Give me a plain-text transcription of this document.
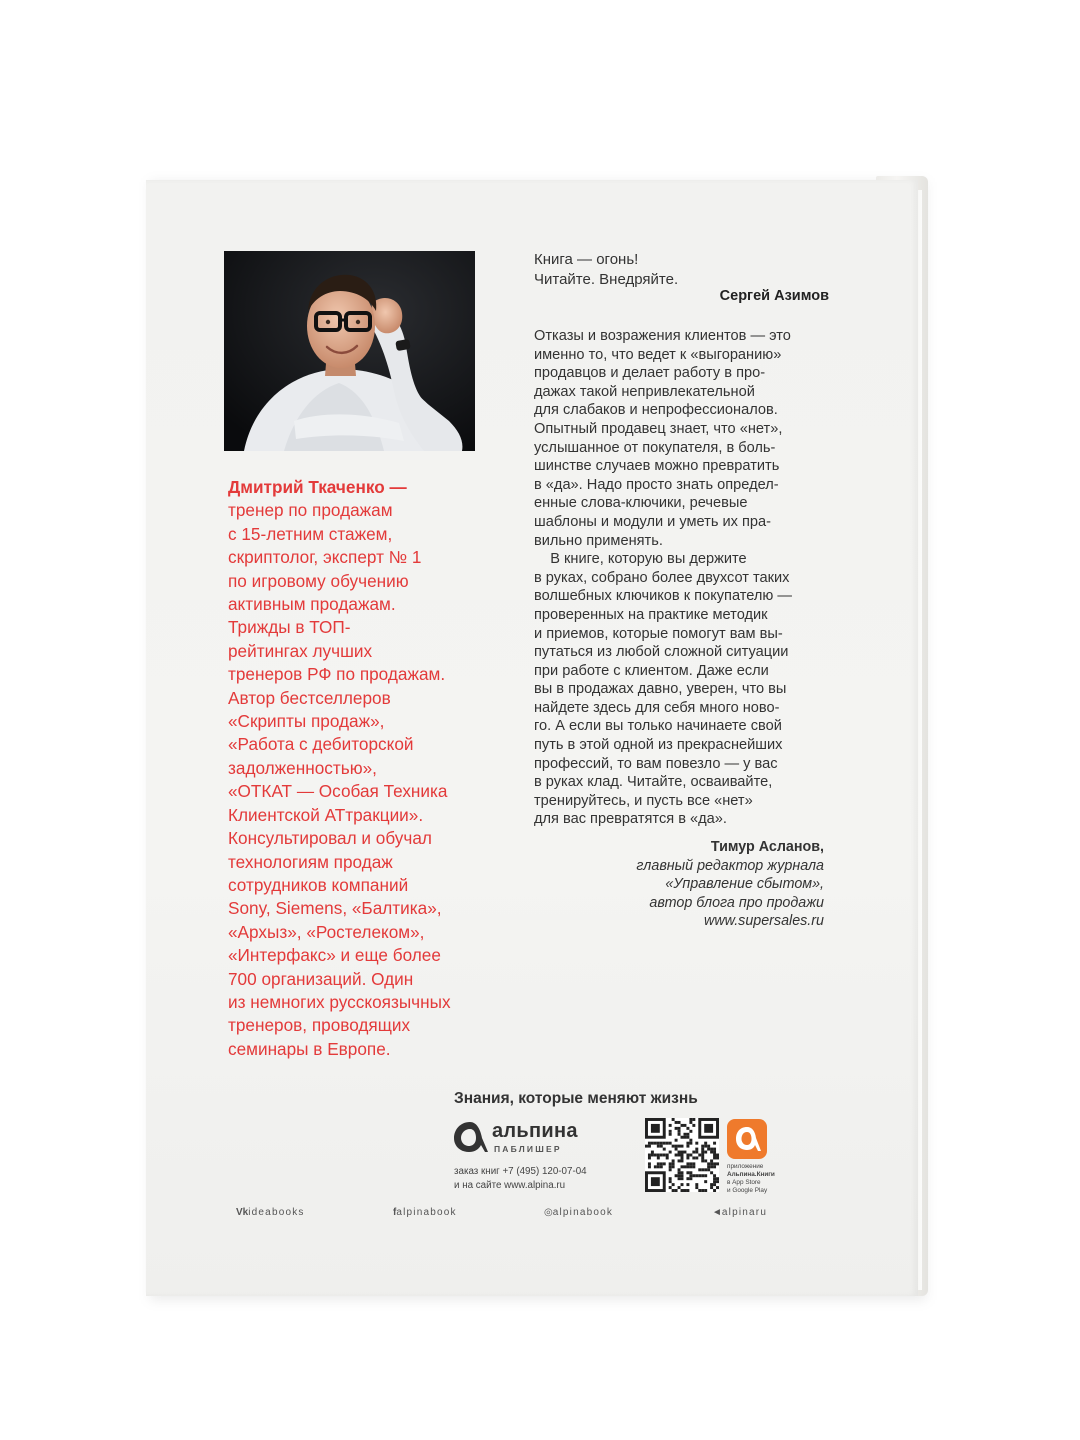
Дмитрий Ткаченко —
тренер по продажам
с 15-летним стажем,
скриптолог, эксперт № 1
по игровому обучению
активным продажам.
Трижды в ТОП-
рейтингах лучших
тренеров РФ по продажам.
Автор бестселлеров
«Скрипты продаж»,
«Работа с дебиторской
задолженностью»,
«ОТКАТ — Особая Техника
Клиентской АТтракции».
Консультировал и обучал
технологиям продаж
сотрудников компаний
Sony, Siemens, «Балтика»,
«Архыз», «Ростелеком»,
«Интерфакс» и еще более
700 организаций. Один
из немногих русскоязычных
тренеров, проводящих
семинары в Европе.
Книга — огонь!
Читайте. Внедряйте.
Сергей Азимов
Отказы и возражения клиентов — это
именно то, что ведет к «выгоранию»
продавцов и делает работу в про-
дажах такой непривлекательной
для слабаков и непрофессионалов.
Опытный продавец знает, что «нет»,
услышанное от покупателя, в боль-
шинстве случаев можно превратить
в «да». Надо просто знать определ-
енные слова-ключики, речевые
шаблоны и модули и уметь их пра-
вильно применять.
В книге, которую вы держите
в руках, собрано более двухсот таких
волшебных ключиков к покупателю —
проверенных на практике методик
и приемов, которые помогут вам вы-
путаться из любой сложной ситуации
при работе с клиентом. Даже если
вы в продажах давно, уверен, что вы
найдете здесь для себя много ново-
го. А если вы только начинаете свой
путь в этой одной из прекраснейших
профессий, то вам повезло — у вас
в руках клад. Читайте, осваивайте,
тренируйтесь, и пусть все «нет»
для вас превратятся в «да».
Тимур Асланов,
главный редактор журнала
«Управление сбытом»,
автор блога про продажи
www.supersales.ru
Знания, которые меняют жизнь
альпина
ПАБЛИШЕР
заказ книг +7 (495) 120-07-04
и на сайте www.alpina.ru
приложение
Альпина.Книги
в App Store
и Google Play
Vkideabooks	falpinabook	◎alpinabook	◄alpinaru
